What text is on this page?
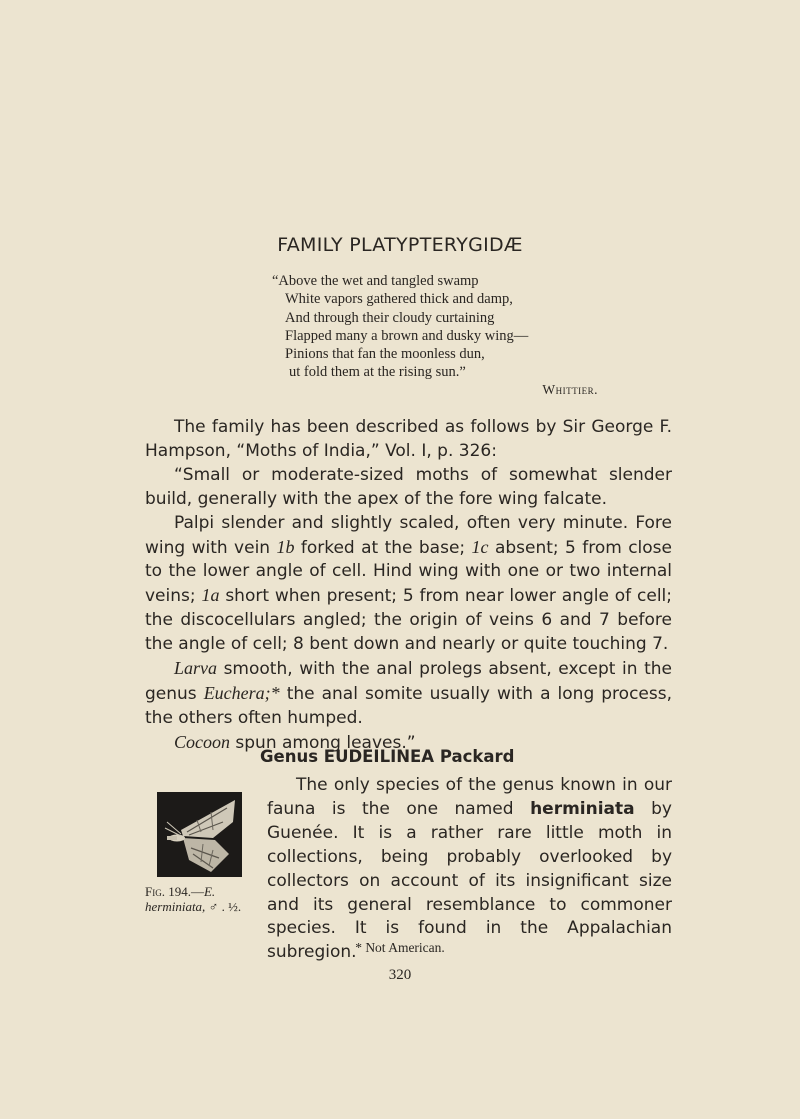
FAMILY PLATYPTERYGIDÆ
“Above the wet and tangled swamp
White vapors gathered thick and damp,
And through their cloudy curtaining
Flapped many a brown and dusky wing—
Pinions that fan the moonless dun,
ut fold them at the rising sun.”
Whittier.

The family has been described as follows by Sir George F. Hampson, “Moths of India,” Vol. I, p. 326:

“Small or moderate-sized moths of somewhat slender build, generally with the apex of the fore wing falcate.

Palpi slender and slightly scaled, often very minute. Fore wing with vein 1b forked at the base; 1c absent; 5 from close to the lower angle of cell. Hind wing with one or two internal veins; 1a short when present; 5 from near lower angle of cell; the discocellulars angled; the origin of veins 6 and 7 before the angle of cell; 8 bent down and nearly or quite touching 7.

Larva smooth, with the anal prolegs absent, except in the genus Euchera;* the anal somite usually with a long process, the others often humped.

Cocoon spun among leaves.”

Genus EUDEILINEA Packard
Fig. 194.—E.
herminiata, ♂ . ½.

The only species of the genus known in our fauna is the one named herminiata by Guenée. It is a rather rare little moth in collections, being probably overlooked by collectors on account of its insignificant size and its general resemblance to commoner species. It is found in the Appalachian subregion.

* Not American.
320
